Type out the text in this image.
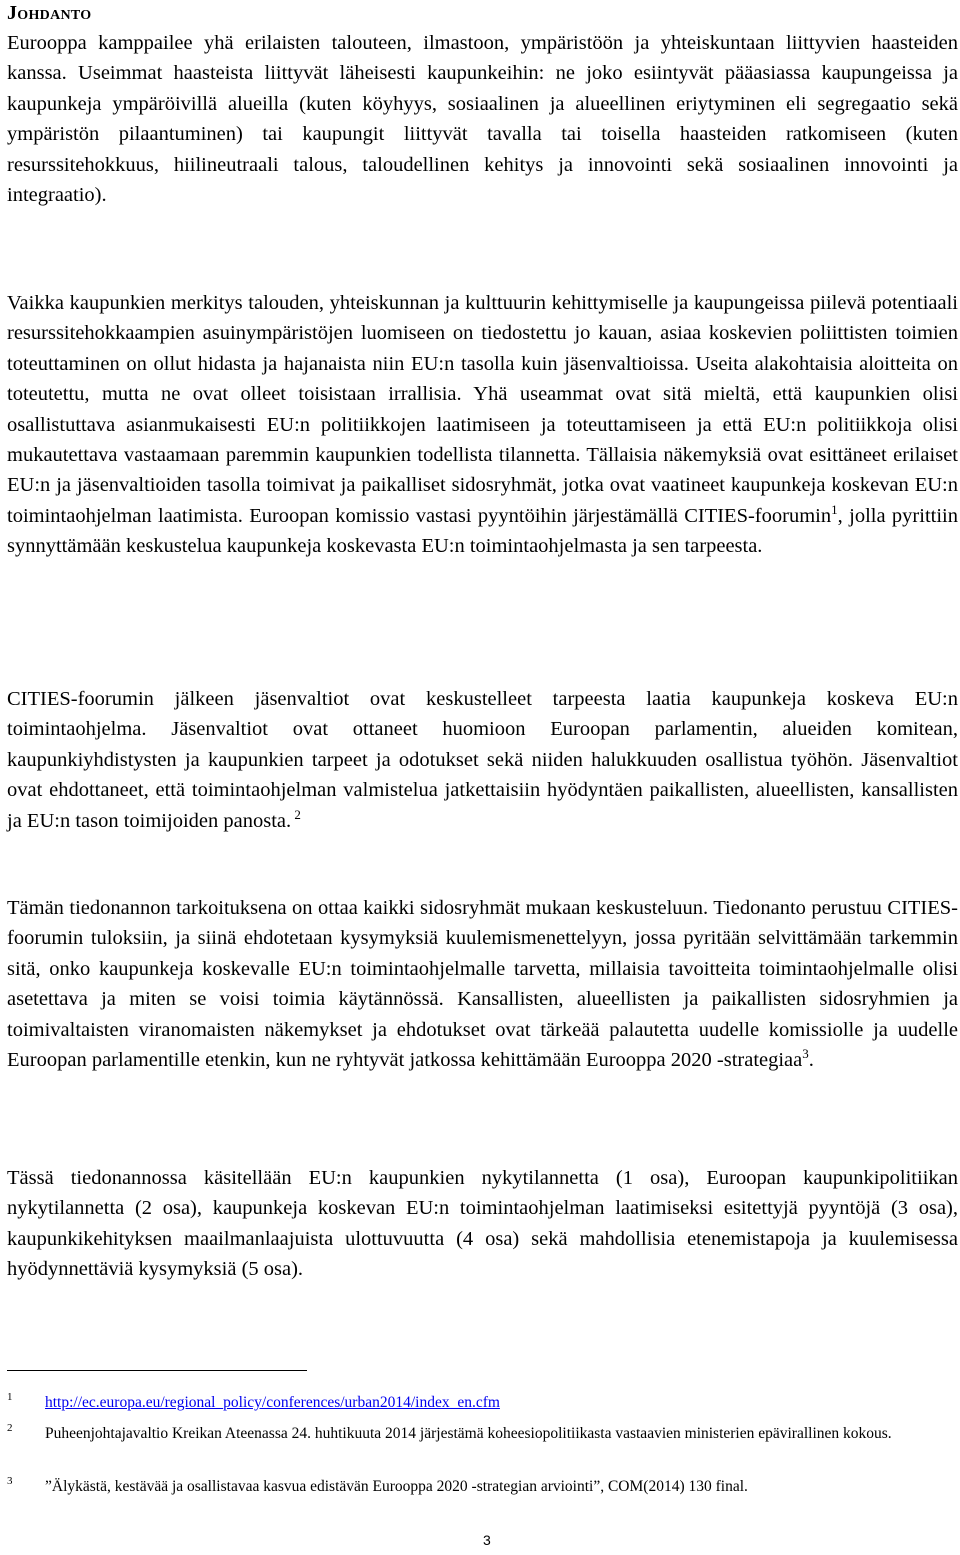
Johdanto

Eurooppa kamppailee yhä erilaisten talouteen, ilmastoon, ympäristöön ja yhteiskuntaan liittyvien haasteiden kanssa. Useimmat haasteista liittyvät läheisesti kaupunkeihin: ne joko esiintyvät pääasiassa kaupungeissa ja kaupunkeja ympäröivillä alueilla (kuten köyhyys, sosiaalinen ja alueellinen eriytyminen eli segregaatio sekä ympäristön pilaantuminen) tai kaupungit liittyvät tavalla tai toisella haasteiden ratkomiseen (kuten resurssitehokkuus, hiilineutraali talous, taloudellinen kehitys ja innovointi sekä sosiaalinen innovointi ja integraatio).

Vaikka kaupunkien merkitys talouden, yhteiskunnan ja kulttuurin kehittymiselle ja kaupungeissa piilevä potentiaali resurssitehokkaampien asuinympäristöjen luomiseen on tiedostettu jo kauan, asiaa koskevien poliittisten toimien toteuttaminen on ollut hidasta ja hajanaista niin EU:n tasolla kuin jäsenvaltioissa. Useita alakohtaisia aloitteita on toteutettu, mutta ne ovat olleet toisistaan irrallisia. Yhä useammat ovat sitä mieltä, että kaupunkien olisi osallistuttava asianmukaisesti EU:n politiikkojen laatimiseen ja toteuttamiseen ja että EU:n politiikkoja olisi mukautettava vastaamaan paremmin kaupunkien todellista tilannetta. Tällaisia näkemyksiä ovat esittäneet erilaiset EU:n ja jäsenvaltioiden tasolla toimivat ja paikalliset sidosryhmät, jotka ovat vaatineet kaupunkeja koskevan EU:n toimintaohjelman laatimista. Euroopan komissio vastasi pyyntöihin järjestämällä CITIES-foorumin$^1$, jolla pyrittiin synnyttämään keskustelua kaupunkeja koskevasta EU:n toimintaohjelmasta ja sen tarpeesta.

CITIES-foorumin jälkeen jäsenvaltiot ovat keskustelleet tarpeesta laatia kaupunkeja koskeva EU:n toimintaohjelma. Jäsenvaltiot ovat ottaneet huomioon Euroopan parlamentin, alueiden komitean, kaupunkiyhdistysten ja kaupunkien tarpeet ja odotukset sekä niiden halukkuuden osallistua työhön. Jäsenvaltiot ovat ehdottaneet, että toimintaohjelman valmistelua jatkettaisiin hyödyntäen paikallisten, alueellisten, kansallisten ja EU:n tason toimijoiden panosta. $^2$

Tämän tiedonannon tarkoituksena on ottaa kaikki sidosryhmät mukaan keskusteluun. Tiedonanto perustuu CITIES-foorumin tuloksiin, ja siinä ehdotetaan kysymyksiä kuulemismenettelyyn, jossa pyritään selvittämään tarkemmin sitä, onko kaupunkeja koskevalle EU:n toimintaohjelmalle tarvetta, millaisia tavoitteita toimintaohjelmalle olisi asetettava ja miten se voisi toimia käytännössä. Kansallisten, alueellisten ja paikallisten sidosryhmien ja toimivaltaisten viranomaisten näkemykset ja ehdotukset ovat tärkeää palautetta uudelle komissiolle ja uudelle Euroopan parlamentille etenkin, kun ne ryhtyvät jatkossa kehittämään Eurooppa 2020 -strategiaa$^3$.

Tässä tiedonannossa käsitellään EU:n kaupunkien nykytilannetta (1 osa), Euroopan kaupunkipolitiikan nykytilannetta (2 osa), kaupunkeja koskevan EU:n toimintaohjelman laatimiseksi esitettyjä pyyntöjä (3 osa), kaupunkikehityksen maailmanlaajuista ulottuvuutta (4 osa) sekä mahdollisia etenemistapoja ja kuulemisessa hyödynnettäviä kysymyksiä (5 osa).

1 http://ec.europa.eu/regional_policy/conferences/urban2014/index_en.cfm
2 Puheenjohtajavaltio Kreikan Ateenassa 24. huhtikuuta 2014 järjestämä koheesiopolitiikasta vastaavien ministerien epävirallinen kokous.
3 ”Älykästä, kestävää ja osallistavaa kasvua edistävän Eurooppa 2020 -strategian arviointi”, COM(2014) 130 final.
3
